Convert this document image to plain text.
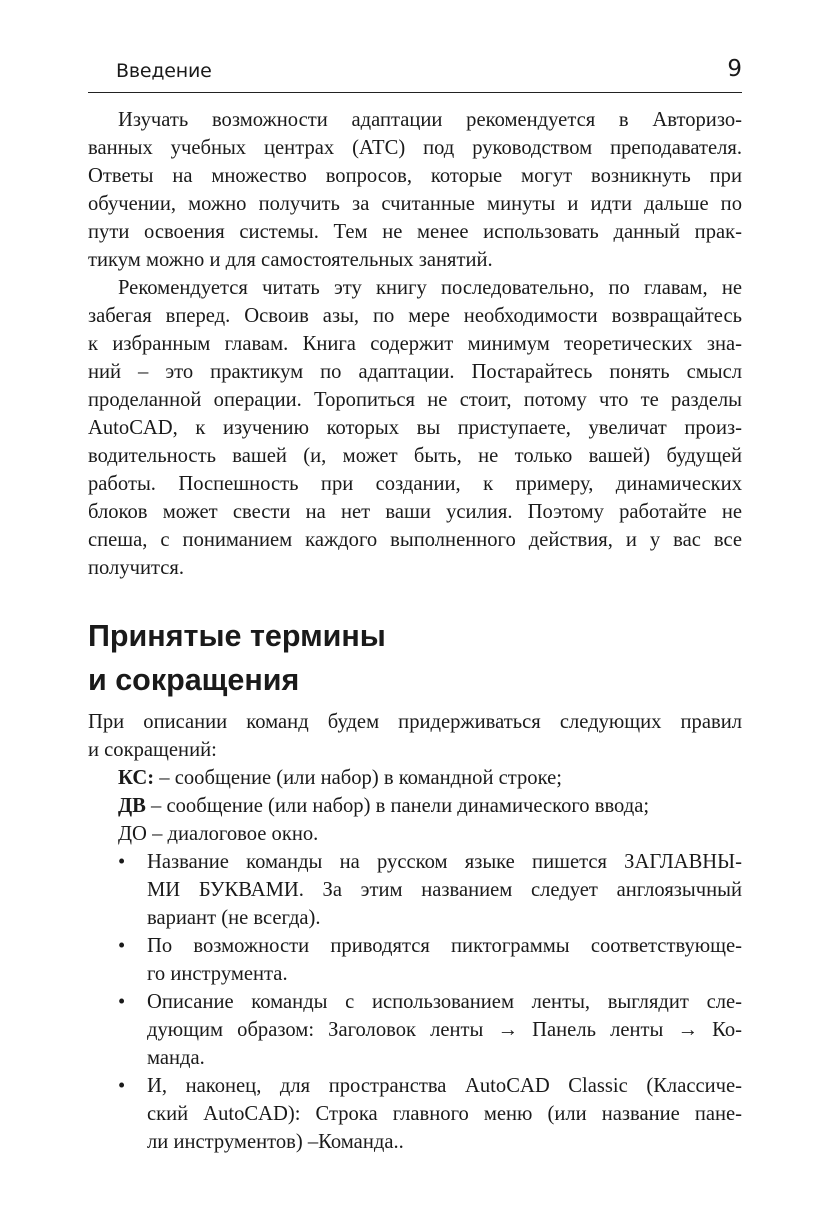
Введение	9
Изучать возможности адаптации рекомендуется в Авторизо-
ванных учебных центрах (АТС) под руководством преподавателя.
Ответы на множество вопросов, которые могут возникнуть при
обучении, можно получить за считанные минуты и идти дальше по
пути освоения системы. Тем не менее использовать данный прак-
тикум можно и для самостоятельных занятий.
Рекомендуется читать эту книгу последовательно, по главам, не
забегая вперед. Освоив азы, по мере необходимости возвращайтесь
к избранным главам. Книга содержит минимум теоретических зна-
ний – это практикум по адаптации. Постарайтесь понять смысл
проделанной операции. Торопиться не стоит, потому что те разделы
AutoCAD, к изучению которых вы приступаете, увеличат произ-
водительность вашей (и, может быть, не только вашей) будущей
работы. Поспешность при создании, к примеру, динамических
блоков может свести на нет ваши усилия. Поэтому работайте не
спеша, с пониманием каждого выполненного действия, и у вас все
получится.
Принятые термины
и сокращения
При описании команд будем придерживаться следующих правил
и сокращений:
КС: – сообщение (или набор) в командной строке;
ДВ – сообщение (или набор) в панели динамического ввода;
ДО – диалоговое окно.
• Название команды на русском языке пишется ЗАГЛАВНЫ-
МИ БУКВАМИ. За этим названием следует англоязычный
вариант (не всегда).
• По возможности приводятся пиктограммы соответствующе-
го инструмента.
• Описание команды с использованием ленты, выглядит сле-
дующим образом: Заголовок ленты → Панель ленты → Ко-
манда.
• И, наконец, для пространства AutoCAD Classic (Классиче-
ский AutoCAD): Строка главного меню (или название пане-
ли инструментов) –Команда..
